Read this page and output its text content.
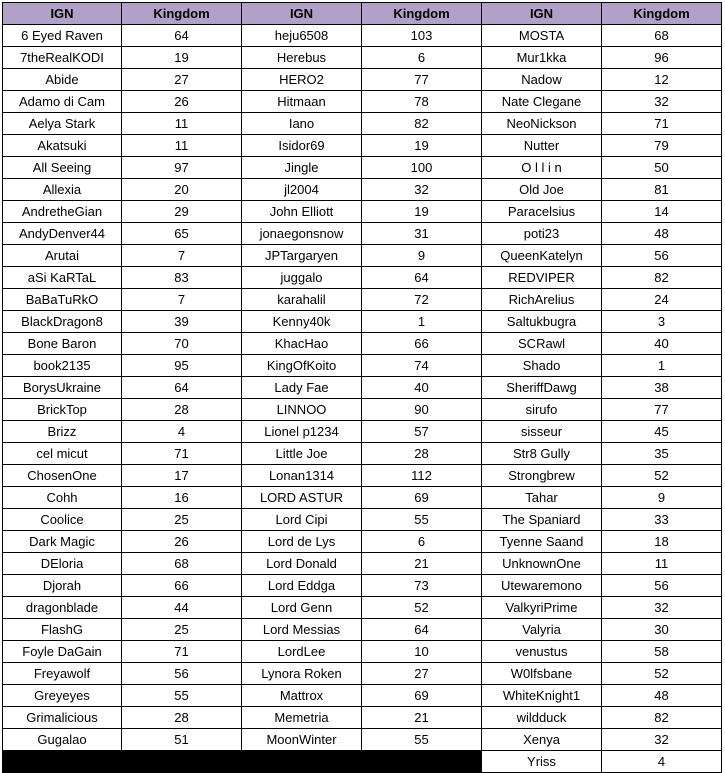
IGN	Kingdom	IGN	Kingdom	IGN	Kingdom
6 Eyed Raven	64	heju6508	103	MOSTA	68
7theRealKODI	19	Herebus	6	Mur1kka	96
Abide	27	HERO2	77	Nadow	12
Adamo di Cam	26	Hitmaan	78	Nate Clegane	32
Aelya Stark	11	Iano	82	NeoNickson	71
Akatsuki	11	Isidor69	19	Nutter	79
All Seeing	97	Jingle	100	O l l i n	50
Allexia	20	jl2004	32	Old Joe	81
AndretheGian	29	John Elliott	19	Paracelsius	14
AndyDenver44	65	jonaegonsnow	31	poti23	48
Arutai	7	JPTargaryen	9	QueenKatelyn	56
aSi KaRTaL	83	juggalo	64	REDVIPER	82
BaBaTuRkO	7	karahalil	72	RichArelius	24
BlackDragon8	39	Kenny40k	1	Saltukbugra	3
Bone Baron	70	KhacHao	66	SCRawl	40
book2135	95	KingOfKoito	74	Shado	1
BorysUkraine	64	Lady Fae	40	SheriffDawg	38
BrickTop	28	LINNOO	90	sirufo	77
Brizz	4	Lionel p1234	57	sisseur	45
cel micut	71	Little Joe	28	Str8 Gully	35
ChosenOne	17	Lonan1314	112	Strongbrew	52
Cohh	16	LORD ASTUR	69	Tahar	9
Coolice	25	Lord Cipi	55	The Spaniard	33
Dark Magic	26	Lord de Lys	6	Tyenne Saand	18
DEloria	68	Lord Donald	21	UnknownOne	11
Djorah	66	Lord Eddga	73	Utewaremono	56
dragonblade	44	Lord Genn	52	ValkyriPrime	32
FlashG	25	Lord Messias	64	Valyria	30
Foyle DaGain	71	LordLee	10	venustus	58
Freyawolf	56	Lynora Roken	27	W0lfsbane	52
Greyeyes	55	Mattrox	69	WhiteKnight1	48
Grimalicious	28	Memetria	21	wildduck	82
Gugalao	51	MoonWinter	55	Xenya	32
				Yriss	4
